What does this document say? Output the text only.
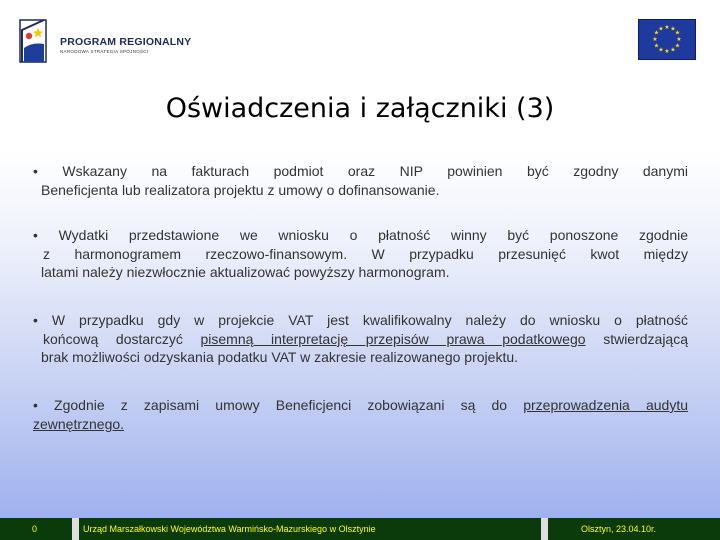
PROGRAM REGIONALNY
NARODOWA STRATEGIA SPÓJNOŚCI
★ ★
★
★
★
★
★
★
★
★
★
★
Oświadczenia i załączniki (3)
• Wskazany na fakturach podmiot oraz NIP powinien być zgodny danymi
Beneficjenta lub realizatora projektu z umowy o dofinansowanie.
• Wydatki przedstawione we wniosku o płatność winny być ponoszone zgodnie
z harmonogramem rzeczowo-finansowym. W przypadku przesunięć kwot między
latami należy niezwłocznie aktualizować powyższy harmonogram.
• W przypadku gdy w projekcie VAT jest kwalifikowalny należy do wniosku o płatność
końcową dostarczyć pisemną interpretację przepisów prawa podatkowego stwierdzającą
brak możliwości odzyskania podatku VAT w zakresie realizowanego projektu.
• Zgodnie z zapisami umowy Beneficjenci zobowiązani są do przeprowadzenia audytu
zewnętrznego.
0	Urząd Marszałkowski Województwa Warmińsko-Mazurskiego w Olsztynie	Olsztyn, 23.04.10r.
